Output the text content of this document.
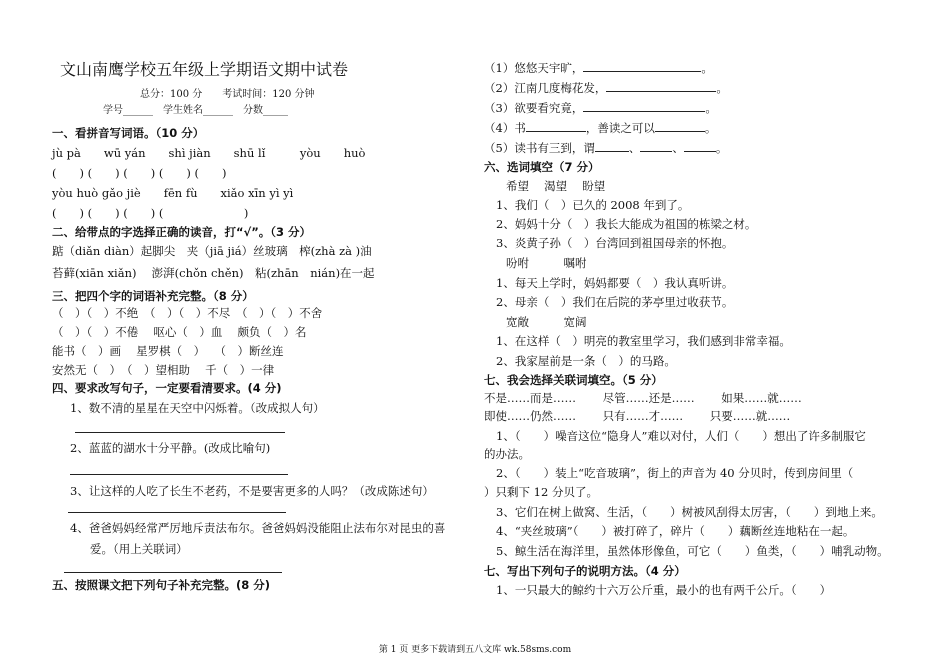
文山南鹰学校五年级上学期语文期中试卷
总分：100 分　　考试时间：120 分钟
学号______　学生姓名______　分数_____
一、看拼音写词语。（10 分）
jù pà　　wū yán　　shì jiàn　　shū lǐ　　　yòu　　huò
(　　) (　　) (　　) (　　) (　　)
yòu huò gǎo jiè　　fēn fù　　xiǎo xīn yì yì
(　　) (　　) (　　) (　　　　　　　)
二、给带点的字选择正确的读音，打“√”。（3 分）
踮（diǎn diàn）起脚尖　夹（jiā jiá）丝玻璃　榨(zhà zà )油
苔藓(xiān xiǎn)　 澎湃(chǒn chěn)　粘(zhān　nián)在一起
三、把四个字的词语补充完整。（8 分）
（　）（　）不绝　（　）（　）不尽　（　）（　）不舍
（　）（　）不倦　 呕心（　）血　 颇负（　）名
能书（　）画　 星罗棋（　）　 （　）断丝连
安然无（　）　（　）望相助　 千（　）一律
四、要求改写句子，一定要看清要求。(4 分)
1、数不清的星星在天空中闪烁着。（改成拟人句）
2、蓝蓝的湖水十分平静。(改成比喻句)
3、让这样的人吃了长生不老药，不是要害更多的人吗？（改成陈述句）
4、爸爸妈妈经常严厉地斥责法布尔。爸爸妈妈没能阻止法布尔对昆虫的喜
爱。（用上关联词）
五、按照课文把下列句子补充完整。(8 分)
（1）悠悠天宇旷，	。
（2）江南几度梅花发，	。
（3）欲要看究竟，	。
（4）书	，善读之可以	。
（5）读书有三到，谓	、	、	。
六、选词填空（7 分）
希望　 渴望　 盼望
1、我们（　）已久的 2008 年到了。
2、妈妈十分（　）我长大能成为祖国的栋梁之材。
3、炎黄子孙（　）台湾回到祖国母亲的怀抱。
吩咐　　　嘱咐
1、每天上学时，妈妈都要（　）我认真听讲。
2、母亲（　）我们在后院的茅亭里过收获节。
宽敞　　　宽阔
1、在这样（　）明亮的教室里学习，我们感到非常幸福。
2、我家屋前是一条（　）的马路。
七、我会选择关联词填空。（5 分）
不是……而是……　　 尽管……还是……　　 如果……就……
即使……仍然……　　 只有……才……　　 只要……就……
1、（　　）噪音这位“隐身人”难以对付，人们（　　）想出了许多制服它
的办法。
2、（　　）装上“吃音玻璃”，街上的声音为 40 分贝时，传到房间里（
）只剩下 12 分贝了。
3、它们在树上做窝、生活，（　　）树被风刮得太厉害，（　　）到地上来。
4、“夹丝玻璃”（　　）被打碎了，碎片（　　）藕断丝连地粘在一起。
5、鲸生活在海洋里，虽然体形像鱼，可它（　　）鱼类，（　　）哺乳动物。
七、写出下列句子的说明方法。（4 分）
1、一只最大的鲸约十六万公斤重，最小的也有两千公斤。（　　）
第 1 页 更多下载请到五八文库 wk.58sms.com
